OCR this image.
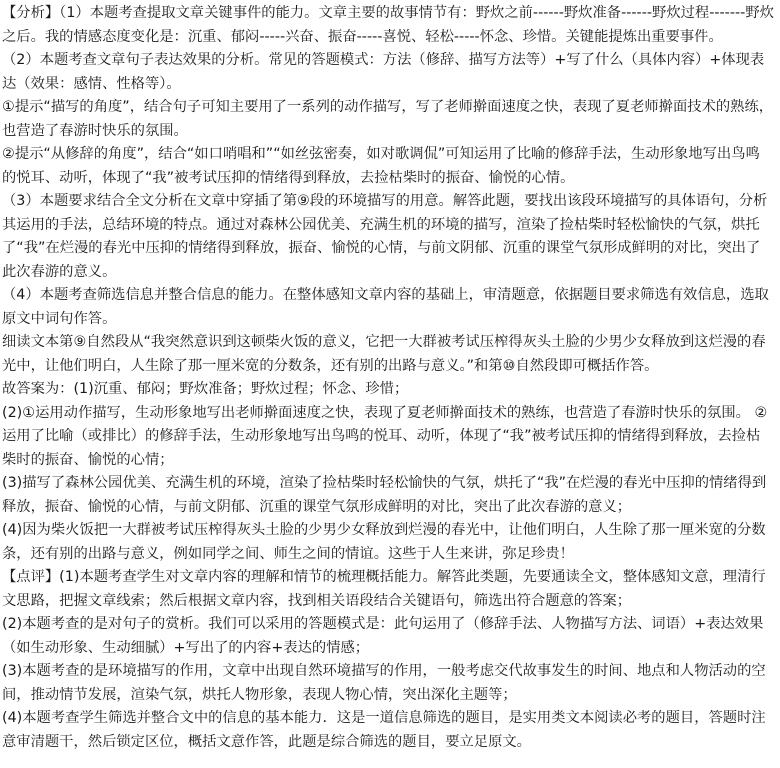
【分析】（1）本题考查提取文章关键事件的能力。文章主要的故事情节有：野炊之前------野炊准备------野炊过程-------野炊之后。我的情感态度变化是：沉重、郁闷-----兴奋、振奋-----喜悦、轻松-----怀念、珍惜。关键能提炼出重要事件。

（2）本题考查文章句子表达效果的分析。常见的答题模式：方法（修辞、描写方法等）+写了什么（具体内容）+体现表达（效果：感情、性格等）。

①提示“描写的角度”，结合句子可知主要用了一系列的动作描写，写了老师擀面速度之快，表现了夏老师擀面技术的熟练，也营造了春游时快乐的氛围。

②提示“从修辞的角度”，结合“如口哨唱和”“如丝弦密奏，如对歌调侃”可知运用了比喻的修辞手法，生动形象地写出鸟鸣的悦耳、动听，体现了“我”被考试压抑的情绪得到释放，去捡枯柴时的振奋、愉悦的心情。

（3）本题要求结合全文分析在文章中穿插了第⑨段的环境描写的用意。解答此题，要找出该段环境描写的具体语句，分析其运用的手法，总结环境的特点。通过对森林公园优美、充满生机的环境的描写，渲染了捡枯柴时轻松愉快的气氛，烘托了“我”在烂漫的春光中压抑的情绪得到释放，振奋、愉悦的心情，与前文阴郁、沉重的课堂气氛形成鲜明的对比，突出了此次春游的意义。

（4）本题考查筛选信息并整合信息的能力。在整体感知文章内容的基础上，审清题意，依据题目要求筛选有效信息，选取原文中词句作答。

细读文本第⑨自然段从“我突然意识到这顿柴火饭的意义，它把一大群被考试压榨得灰头土脸的少男少女释放到这烂漫的春光中，让他们明白，人生除了那一厘米宽的分数条，还有别的出路与意义。”和第⑩自然段即可概括作答。

故答案为：(1)沉重、郁闷；野炊准备；野炊过程；怀念、珍惜；

(2)①运用动作描写，生动形象地写出老师擀面速度之快，表现了夏老师擀面技术的熟练，也营造了春游时快乐的氛围。 ②运用了比喻（或排比）的修辞手法，生动形象地写出鸟鸣的悦耳、动听，体现了“我”被考试压抑的情绪得到释放，去捡枯柴时的振奋、愉悦的心情；

(3)描写了森林公园优美、充满生机的环境，渲染了捡枯柴时轻松愉快的气氛，烘托了“我”在烂漫的春光中压抑的情绪得到释放，振奋、愉悦的心情，与前文阴郁、沉重的课堂气氛形成鲜明的对比，突出了此次春游的意义；

(4)因为柴火饭把一大群被考试压榨得灰头土脸的少男少女释放到烂漫的春光中，让他们明白，人生除了那一厘米宽的分数条，还有别的出路与意义，例如同学之间、师生之间的情谊。这些于人生来讲，弥足珍贵！

【点评】(1)本题考查学生对文章内容的理解和情节的梳理概括能力。解答此类题，先要通读全文，整体感知文意，理清行文思路，把握文章线索；然后根据文章内容，找到相关语段结合关键语句，筛选出符合题意的答案；

(2)本题考查的是对句子的赏析。我们可以采用的答题模式是：此句运用了（修辞手法、人物描写方法、词语）+表达效果（如生动形象、生动细腻）+写出了的内容+表达的情感；

(3)本题考查的是环境描写的作用，文章中出现自然环境描写的作用，一般考虑交代故事发生的时间、地点和人物活动的空间，推动情节发展，渲染气氛，烘托人物形象，表现人物心情，突出深化主题等；

(4)本题考查学生筛选并整合文中的信息的基本能力．这是一道信息筛选的题目，是实用类文本阅读必考的题目，答题时注意审清题干，然后锁定区位，概括文意作答，此题是综合筛选的题目，要立足原文。
